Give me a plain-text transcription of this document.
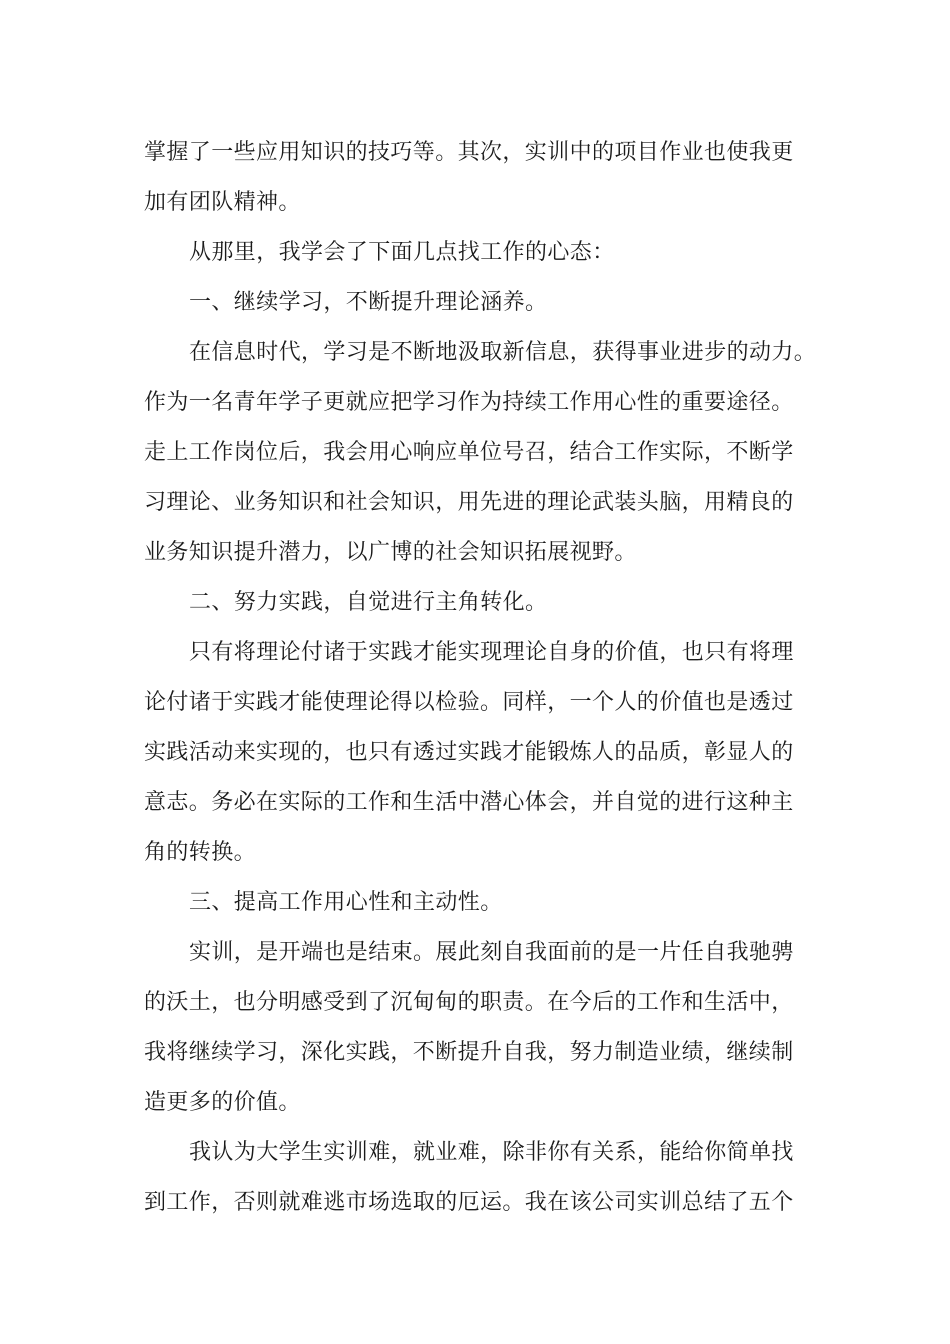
掌握了一些应用知识的技巧等。其次，实训中的项目作业也使我更
加有团队精神。
从那里，我学会了下面几点找工作的心态：
一、继续学习，不断提升理论涵养。
在信息时代，学习是不断地汲取新信息，获得事业进步的动力。
作为一名青年学子更就应把学习作为持续工作用心性的重要途径。
走上工作岗位后，我会用心响应单位号召，结合工作实际，不断学
习理论、业务知识和社会知识，用先进的理论武装头脑，用精良的
业务知识提升潜力，以广博的社会知识拓展视野。
二、努力实践，自觉进行主角转化。
只有将理论付诸于实践才能实现理论自身的价值，也只有将理
论付诸于实践才能使理论得以检验。同样，一个人的价值也是透过
实践活动来实现的，也只有透过实践才能锻炼人的品质，彰显人的
意志。务必在实际的工作和生活中潜心体会，并自觉的进行这种主
角的转换。
三、提高工作用心性和主动性。
实训，是开端也是结束。展此刻自我面前的是一片任自我驰骋
的沃土，也分明感受到了沉甸甸的职责。在今后的工作和生活中，
我将继续学习，深化实践，不断提升自我，努力制造业绩，继续制
造更多的价值。
我认为大学生实训难，就业难，除非你有关系，能给你简单找
到工作，否则就难逃市场选取的厄运。我在该公司实训总结了五个
